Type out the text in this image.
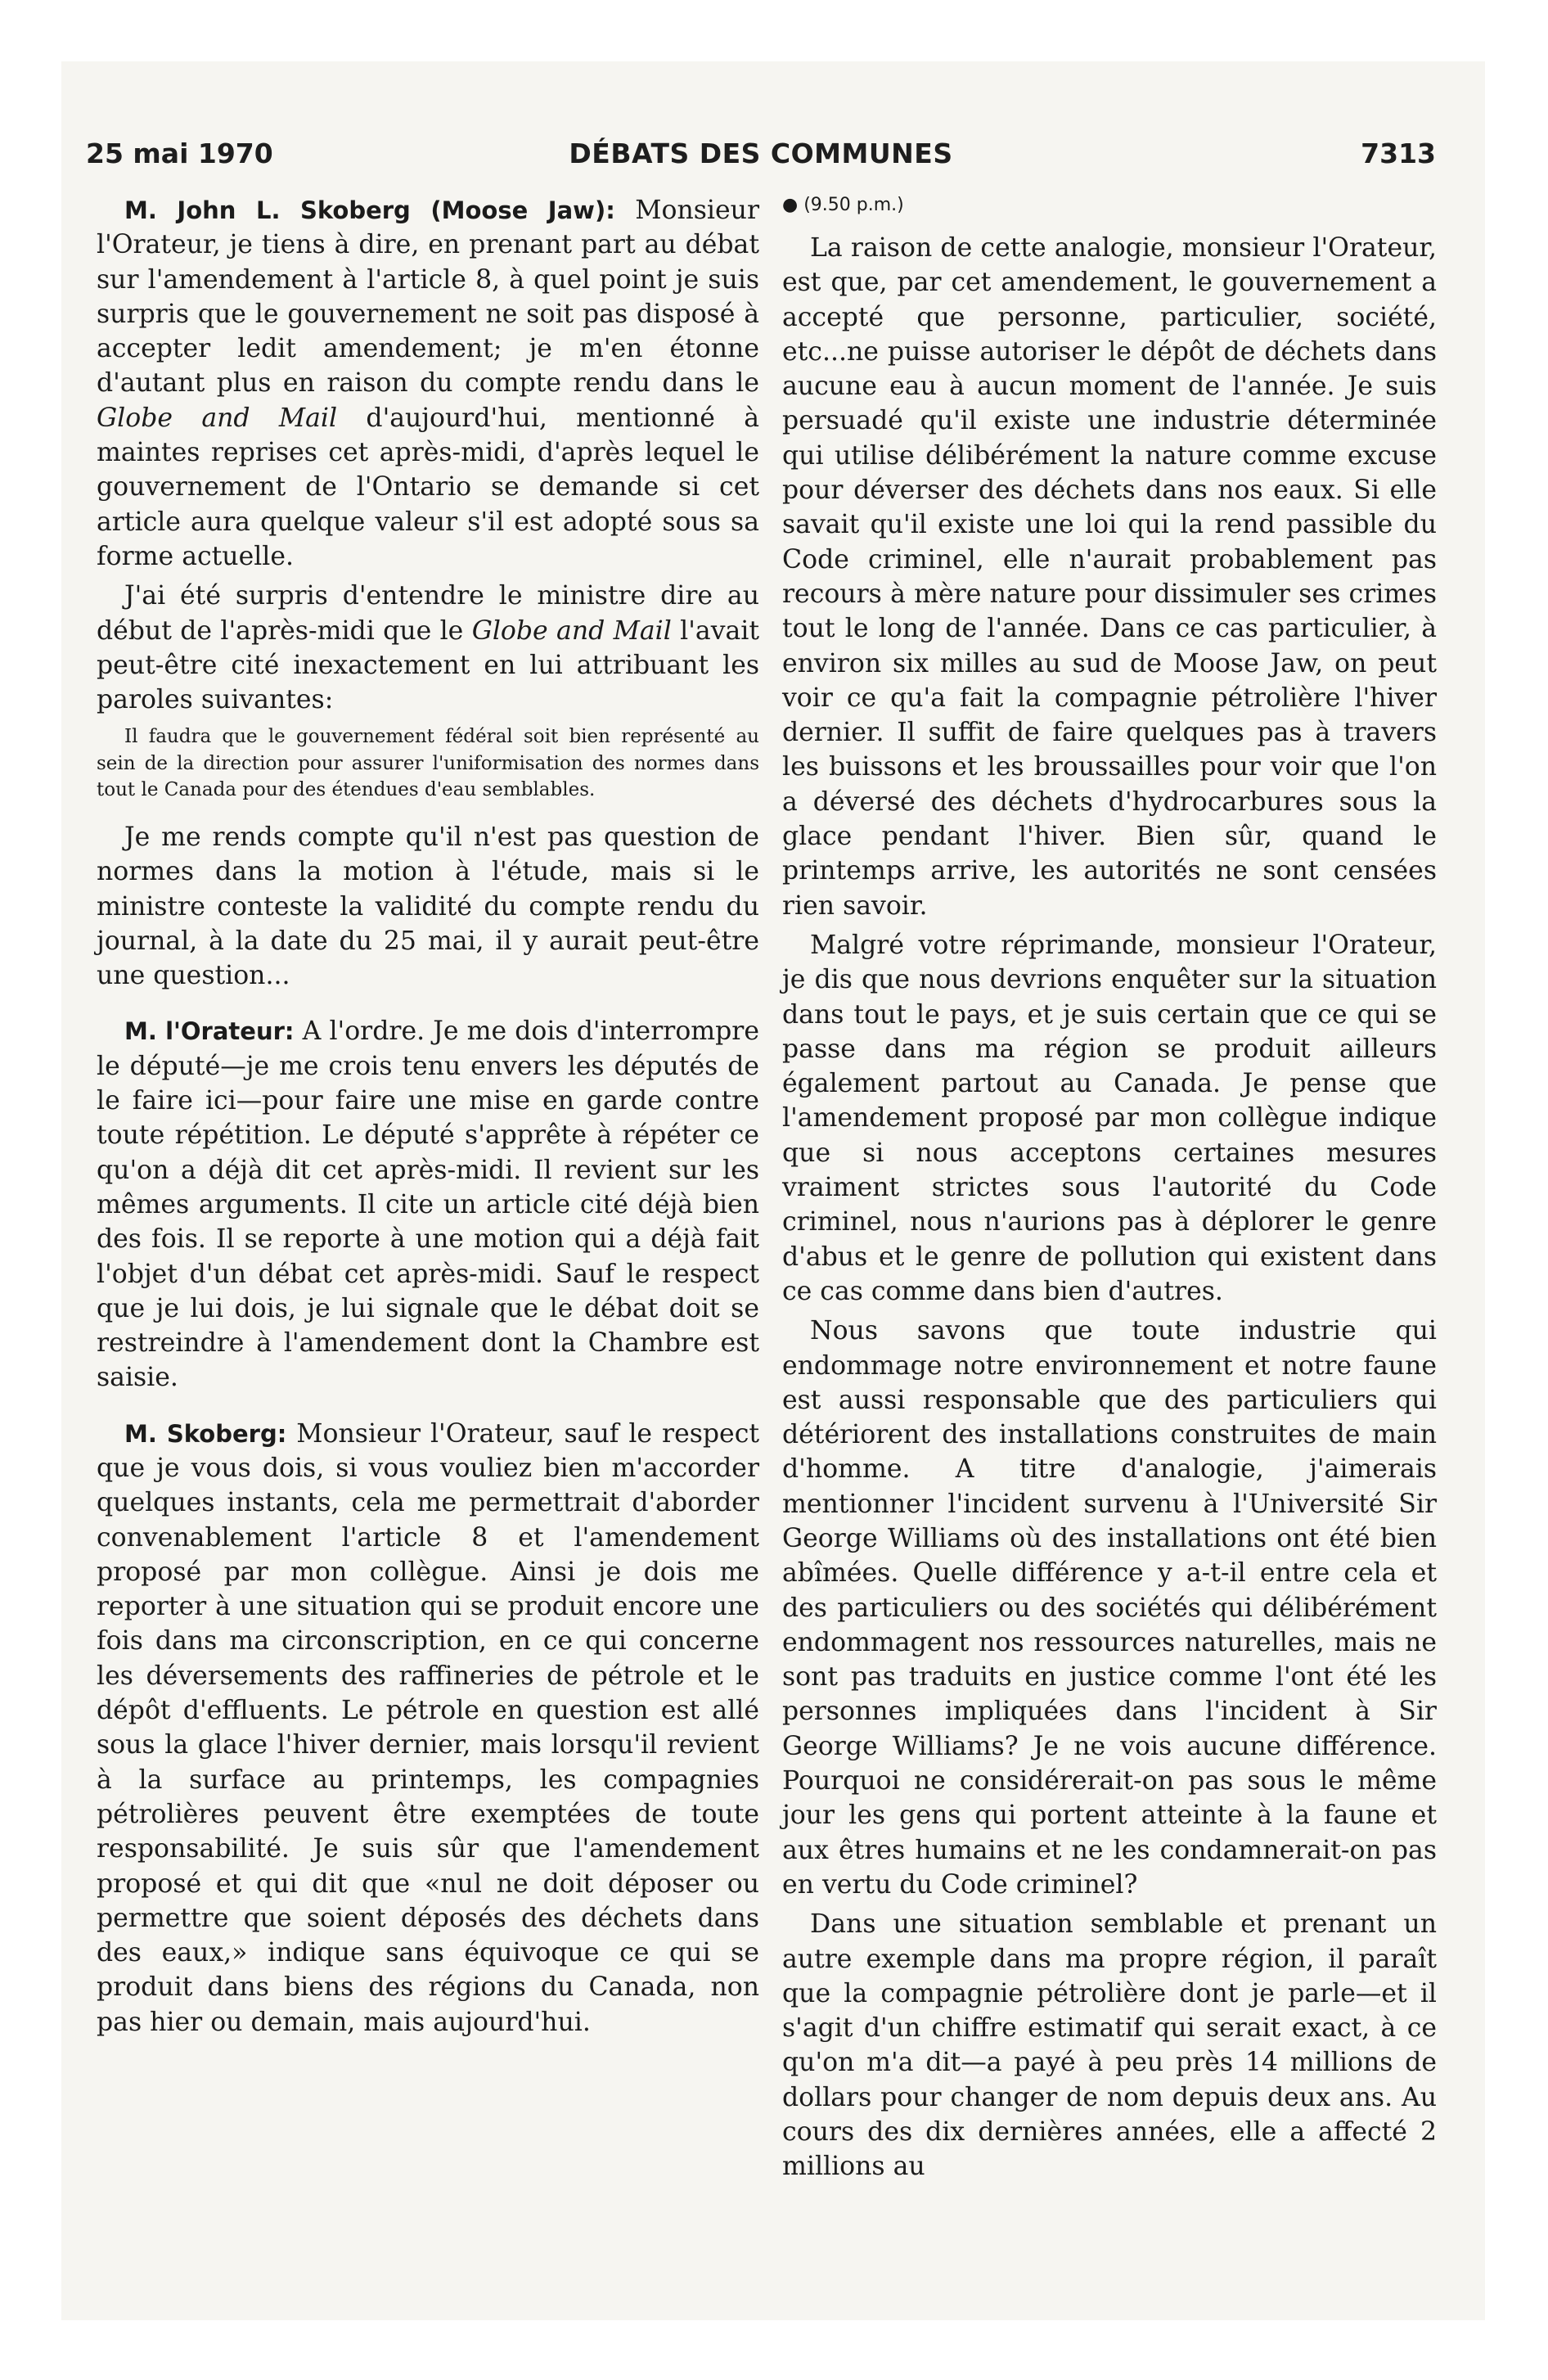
25 mai 1970	DÉBATS DES COMMUNES	7313

M. John L. Skoberg (Moose Jaw): Monsieur l'Orateur, je tiens à dire, en prenant part au débat sur l'amendement à l'article 8, à quel point je suis surpris que le gouvernement ne soit pas disposé à accepter ledit amendement; je m'en étonne d'autant plus en raison du compte rendu dans le Globe and Mail d'aujourd'hui, mentionné à maintes reprises cet après-midi, d'après lequel le gouvernement de l'Ontario se demande si cet article aura quelque valeur s'il est adopté sous sa forme actuelle.

J'ai été surpris d'entendre le ministre dire au début de l'après-midi que le Globe and Mail l'avait peut-être cité inexactement en lui attribuant les paroles suivantes:

Il faudra que le gouvernement fédéral soit bien représenté au sein de la direction pour assurer l'uniformisation des normes dans tout le Canada pour des étendues d'eau semblables.

Je me rends compte qu'il n'est pas question de normes dans la motion à l'étude, mais si le ministre conteste la validité du compte rendu du journal, à la date du 25 mai, il y aurait peut-être une question...

M. l'Orateur: A l'ordre. Je me dois d'interrompre le député—je me crois tenu envers les députés de le faire ici—pour faire une mise en garde contre toute répétition. Le député s'apprête à répéter ce qu'on a déjà dit cet après-midi. Il revient sur les mêmes arguments. Il cite un article cité déjà bien des fois. Il se reporte à une motion qui a déjà fait l'objet d'un débat cet après-midi. Sauf le respect que je lui dois, je lui signale que le débat doit se restreindre à l'amendement dont la Chambre est saisie.

M. Skoberg: Monsieur l'Orateur, sauf le respect que je vous dois, si vous vouliez bien m'accorder quelques instants, cela me permettrait d'aborder convenablement l'article 8 et l'amendement proposé par mon collègue. Ainsi je dois me reporter à une situation qui se produit encore une fois dans ma circonscription, en ce qui concerne les déversements des raffineries de pétrole et le dépôt d'effluents. Le pétrole en question est allé sous la glace l'hiver dernier, mais lorsqu'il revient à la surface au printemps, les compagnies pétrolières peuvent être exemptées de toute responsabilité. Je suis sûr que l'amendement proposé et qui dit que «nul ne doit déposer ou permettre que soient déposés des déchets dans des eaux,» indique sans équivoque ce qui se produit dans biens des régions du Canada, non pas hier ou demain, mais aujourd'hui.

● (9.50 p.m.)

La raison de cette analogie, monsieur l'Orateur, est que, par cet amendement, le gouvernement a accepté que personne, particulier, société, etc...ne puisse autoriser le dépôt de déchets dans aucune eau à aucun moment de l'année. Je suis persuadé qu'il existe une industrie déterminée qui utilise délibérément la nature comme excuse pour déverser des déchets dans nos eaux. Si elle savait qu'il existe une loi qui la rend passible du Code criminel, elle n'aurait probablement pas recours à mère nature pour dissimuler ses crimes tout le long de l'année. Dans ce cas particulier, à environ six milles au sud de Moose Jaw, on peut voir ce qu'a fait la compagnie pétrolière l'hiver dernier. Il suffit de faire quelques pas à travers les buissons et les broussailles pour voir que l'on a déversé des déchets d'hydrocarbures sous la glace pendant l'hiver. Bien sûr, quand le printemps arrive, les autorités ne sont censées rien savoir.

Malgré votre réprimande, monsieur l'Orateur, je dis que nous devrions enquêter sur la situation dans tout le pays, et je suis certain que ce qui se passe dans ma région se produit ailleurs également partout au Canada. Je pense que l'amendement proposé par mon collègue indique que si nous acceptons certaines mesures vraiment strictes sous l'autorité du Code criminel, nous n'aurions pas à déplorer le genre d'abus et le genre de pollution qui existent dans ce cas comme dans bien d'autres.

Nous savons que toute industrie qui endommage notre environnement et notre faune est aussi responsable que des particuliers qui détériorent des installations construites de main d'homme. A titre d'analogie, j'aimerais mentionner l'incident survenu à l'Université Sir George Williams où des installations ont été bien abîmées. Quelle différence y a-t-il entre cela et des particuliers ou des sociétés qui délibérément endommagent nos ressources naturelles, mais ne sont pas traduits en justice comme l'ont été les personnes impliquées dans l'incident à Sir George Williams? Je ne vois aucune différence. Pourquoi ne considérerait-on pas sous le même jour les gens qui portent atteinte à la faune et aux êtres humains et ne les condamnerait-on pas en vertu du Code criminel?

Dans une situation semblable et prenant un autre exemple dans ma propre région, il paraît que la compagnie pétrolière dont je parle—et il s'agit d'un chiffre estimatif qui serait exact, à ce qu'on m'a dit—a payé à peu près 14 millions de dollars pour changer de nom depuis deux ans. Au cours des dix dernières années, elle a affecté 2 millions au
